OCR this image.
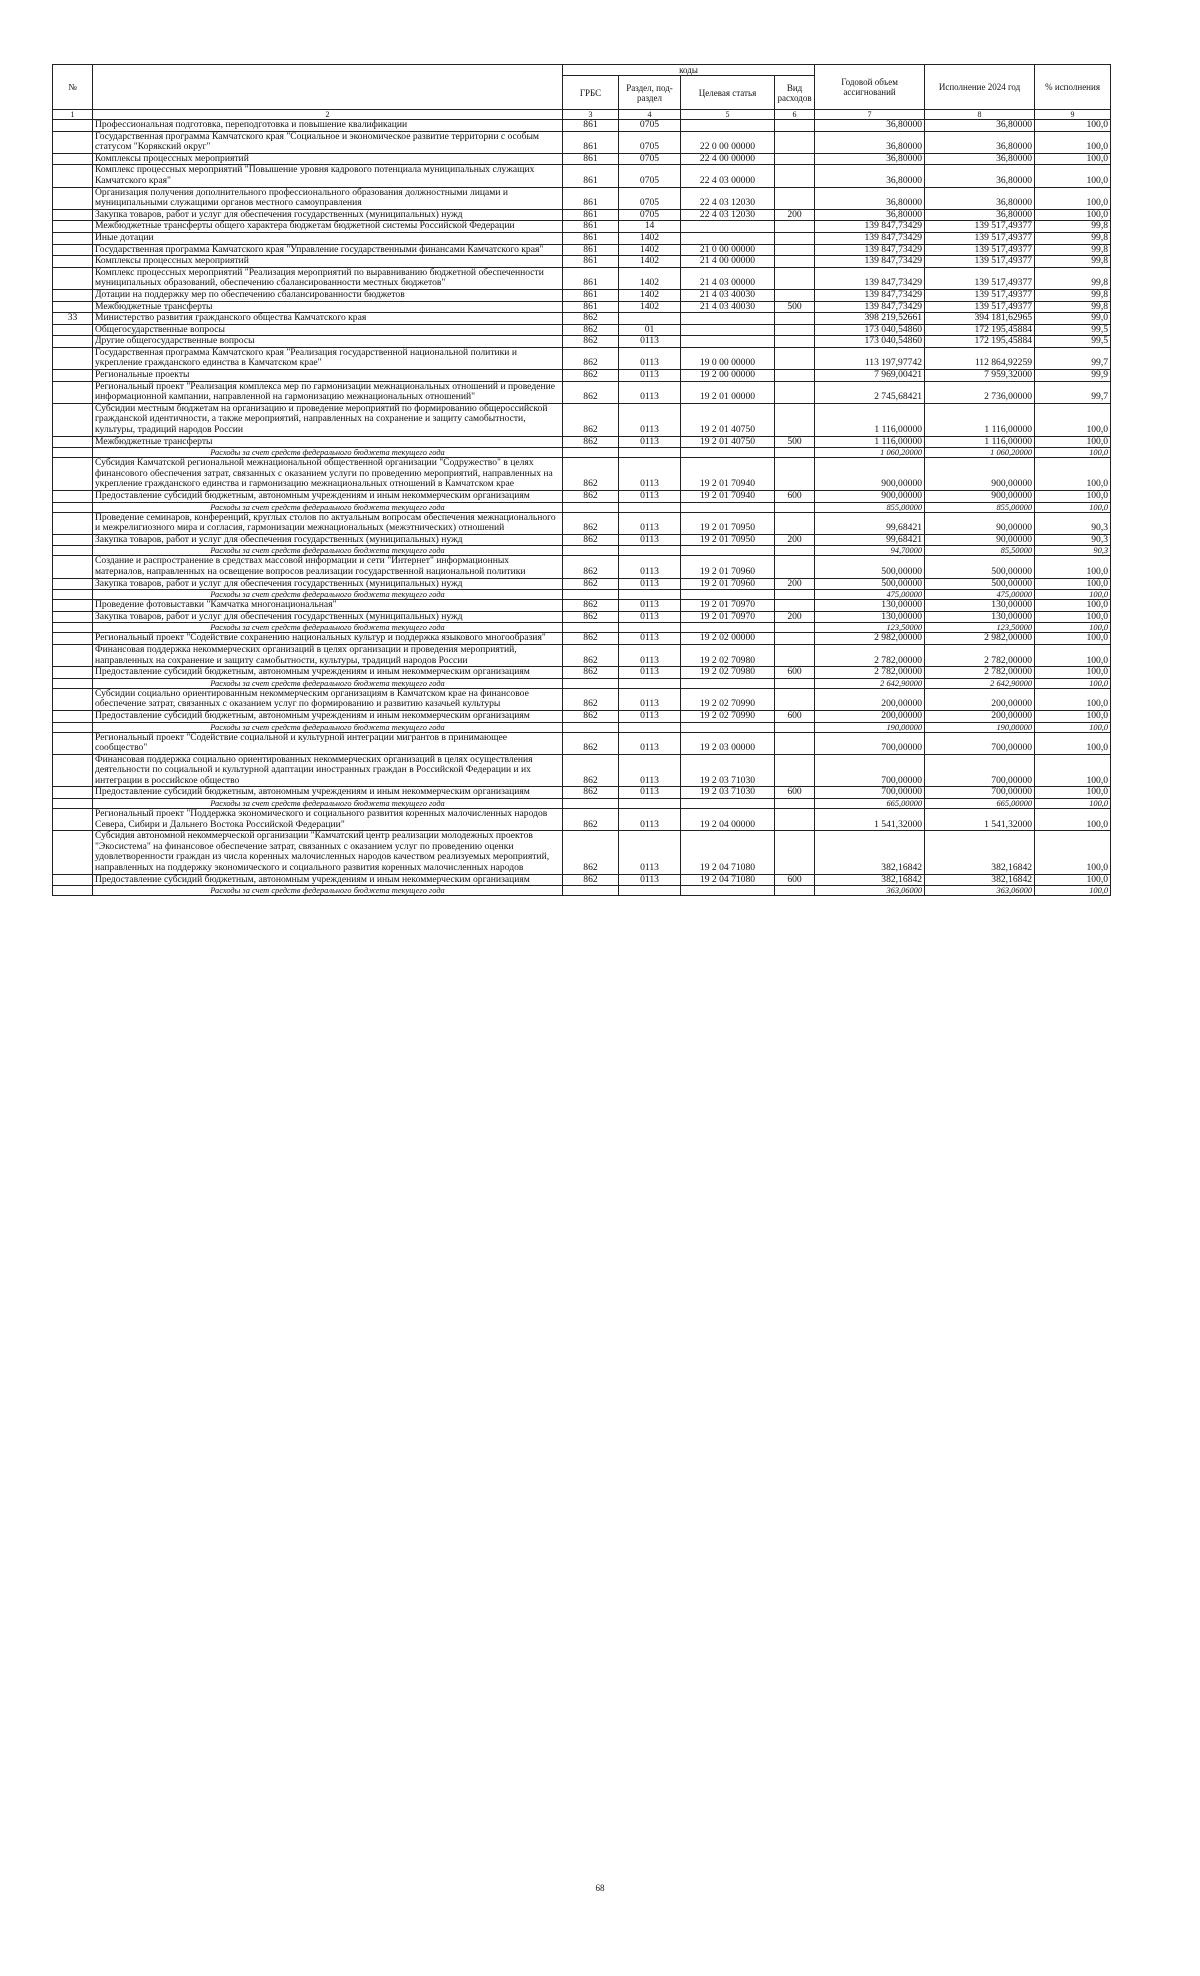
№		коды				Годовой объем ассигнований	Исполнение 2024 год	% исполнения
		ГРБС	Раздел, под-раздел	Целевая статья	Вид расходов			
1	2	3	4	5	6	7	8	9
	Профессиональная подготовка, переподготовка и повышение квалификации	861	0705			36,80000	36,80000	100,0
	Государственная программа Камчатского края "Социальное и экономическое развитие территории с особым статусом "Корякский округ"	861	0705	22 0 00 00000		36,80000	36,80000	100,0
	Комплексы процессных мероприятий	861	0705	22 4 00 00000		36,80000	36,80000	100,0
	Комплекс процессных мероприятий "Повышение уровня кадрового потенциала муниципальных служащих Камчатского края"	861	0705	22 4 03 00000		36,80000	36,80000	100,0
	Организация получения дополнительного профессионального образования должностными лицами и муниципальными служащими органов местного самоуправления	861	0705	22 4 03 12030		36,80000	36,80000	100,0
	Закупка товаров, работ и услуг для обеспечения государственных (муниципальных) нужд	861	0705	22 4 03 12030	200	36,80000	36,80000	100,0
	Межбюджетные трансферты общего характера бюджетам бюджетной системы Российской Федерации	861	14			139 847,73429	139 517,49377	99,8
	Иные дотации	861	1402			139 847,73429	139 517,49377	99,8
	Государственная программа Камчатского края "Управление государственными финансами Камчатского края"	861	1402	21 0 00 00000		139 847,73429	139 517,49377	99,8
	Комплексы процессных мероприятий	861	1402	21 4 00 00000		139 847,73429	139 517,49377	99,8
	Комплекс процессных мероприятий "Реализация мероприятий по выравниванию бюджетной обеспеченности муниципальных образований, обеспечению сбалансированности местных бюджетов"	861	1402	21 4 03 00000		139 847,73429	139 517,49377	99,8
	Дотации на поддержку мер по обеспечению сбалансированности бюджетов	861	1402	21 4 03 40030		139 847,73429	139 517,49377	99,8
	Межбюджетные трансферты	861	1402	21 4 03 40030	500	139 847,73429	139 517,49377	99,8
33	Министерство развития гражданского общества Камчатского края	862				398 219,52661	394 181,62965	99,0
	Общегосударственные вопросы	862	01			173 040,54860	172 195,45884	99,5
	Другие общегосударственные вопросы	862	0113			173 040,54860	172 195,45884	99,5
	Государственная программа Камчатского края "Реализация государственной национальной политики и укрепление гражданского единства в Камчатском крае"	862	0113	19 0 00 00000		113 197,97742	112 864,92259	99,7
	Региональные проекты	862	0113	19 2 00 00000		7 969,00421	7 959,32000	99,9
	Региональный проект "Реализация комплекса мер по гармонизации межнациональных отношений и проведение информационной кампании, направленной на гармонизацию межнациональных отношений"	862	0113	19 2 01 00000		2 745,68421	2 736,00000	99,7
	Субсидии местным бюджетам на организацию и проведение мероприятий по формированию общероссийской гражданской идентичности, а также мероприятий, направленных на сохранение и защиту самобытности, культуры, традиций народов России	862	0113	19 2 01 40750		1 116,00000	1 116,00000	100,0
	Межбюджетные трансферты	862	0113	19 2 01 40750	500	1 116,00000	1 116,00000	100,0
	Расходы за счет средств федерального бюджета текущего года					1 060,20000	1 060,20000	100,0
	Субсидия Камчатской региональной межнациональной общественной организации "Содружество" в целях финансового обеспечения затрат, связанных с оказанием услуги по проведению мероприятий, направленных на укрепление гражданского единства и гармонизацию межнациональных отношений в Камчатском крае	862	0113	19 2 01 70940		900,00000	900,00000	100,0
	Предоставление субсидий бюджетным, автономным учреждениям и иным некоммерческим организациям	862	0113	19 2 01 70940	600	900,00000	900,00000	100,0
	Расходы за счет средств федерального бюджета текущего года					855,00000	855,00000	100,0
	Проведение семинаров, конференций, круглых столов по актуальным вопросам обеспечения межнационального и межрелигиозного мира и согласия, гармонизации межнациональных (межэтнических) отношений	862	0113	19 2 01 70950		99,68421	90,00000	90,3
	Закупка товаров, работ и услуг для обеспечения государственных (муниципальных) нужд	862	0113	19 2 01 70950	200	99,68421	90,00000	90,3
	Расходы за счет средств федерального бюджета текущего года					94,70000	85,50000	90,3
	Создание и распространение в средствах массовой информации и сети "Интернет" информационных материалов, направленных на освещение вопросов реализации государственной национальной политики	862	0113	19 2 01 70960		500,00000	500,00000	100,0
	Закупка товаров, работ и услуг для обеспечения государственных (муниципальных) нужд	862	0113	19 2 01 70960	200	500,00000	500,00000	100,0
	Расходы за счет средств федерального бюджета текущего года					475,00000	475,00000	100,0
	Проведение фотовыставки "Камчатка многонациональная"	862	0113	19 2 01 70970		130,00000	130,00000	100,0
	Закупка товаров, работ и услуг для обеспечения государственных (муниципальных) нужд	862	0113	19 2 01 70970	200	130,00000	130,00000	100,0
	Расходы за счет средств федерального бюджета текущего года					123,50000	123,50000	100,0
	Региональный проект "Содействие сохранению национальных культур и поддержка языкового многообразия"	862	0113	19 2 02 00000		2 982,00000	2 982,00000	100,0
	Финансовая поддержка некоммерческих организаций в целях организации и проведения мероприятий, направленных на сохранение и защиту самобытности, культуры, традиций народов России	862	0113	19 2 02 70980		2 782,00000	2 782,00000	100,0
	Предоставление субсидий бюджетным, автономным учреждениям и иным некоммерческим организациям	862	0113	19 2 02 70980	600	2 782,00000	2 782,00000	100,0
	Расходы за счет средств федерального бюджета текущего года					2 642,90000	2 642,90000	100,0
	Субсидии социально ориентированным некоммерческим организациям в Камчатском крае на финансовое обеспечение затрат, связанных с оказанием услуг по формированию и развитию казачьей культуры	862	0113	19 2 02 70990		200,00000	200,00000	100,0
	Предоставление субсидий бюджетным, автономным учреждениям и иным некоммерческим организациям	862	0113	19 2 02 70990	600	200,00000	200,00000	100,0
	Расходы за счет средств федерального бюджета текущего года					190,00000	190,00000	100,0
	Региональный проект "Содействие социальной и культурной интеграции мигрантов в принимающее сообщество"	862	0113	19 2 03 00000		700,00000	700,00000	100,0
	Финансовая поддержка социально ориентированных некоммерческих организаций в целях осуществления деятельности по социальной и культурной адаптации иностранных граждан в Российской Федерации и их интеграции в российское общество	862	0113	19 2 03 71030		700,00000	700,00000	100,0
	Предоставление субсидий бюджетным, автономным учреждениям и иным некоммерческим организациям	862	0113	19 2 03 71030	600	700,00000	700,00000	100,0
	Расходы за счет средств федерального бюджета текущего года					665,00000	665,00000	100,0
	Региональный проект "Поддержка экономического и социального развития коренных малочисленных народов Севера, Сибири и Дальнего Востока Российской Федерации"	862	0113	19 2 04 00000		1 541,32000	1 541,32000	100,0
	Субсидия автономной некоммерческой организации "Камчатский центр реализации молодежных проектов "Экосистема" на финансовое обеспечение затрат, связанных с оказанием услуг по проведению оценки удовлетворенности граждан из числа коренных малочисленных народов качеством реализуемых мероприятий, направленных на поддержку экономического и социального развития коренных малочисленных народов	862	0113	19 2 04 71080		382,16842	382,16842	100,0
	Предоставление субсидий бюджетным, автономным учреждениям и иным некоммерческим организациям	862	0113	19 2 04 71080	600	382,16842	382,16842	100,0
	Расходы за счет средств федерального бюджета текущего года					363,06000	363,06000	100,0
68
